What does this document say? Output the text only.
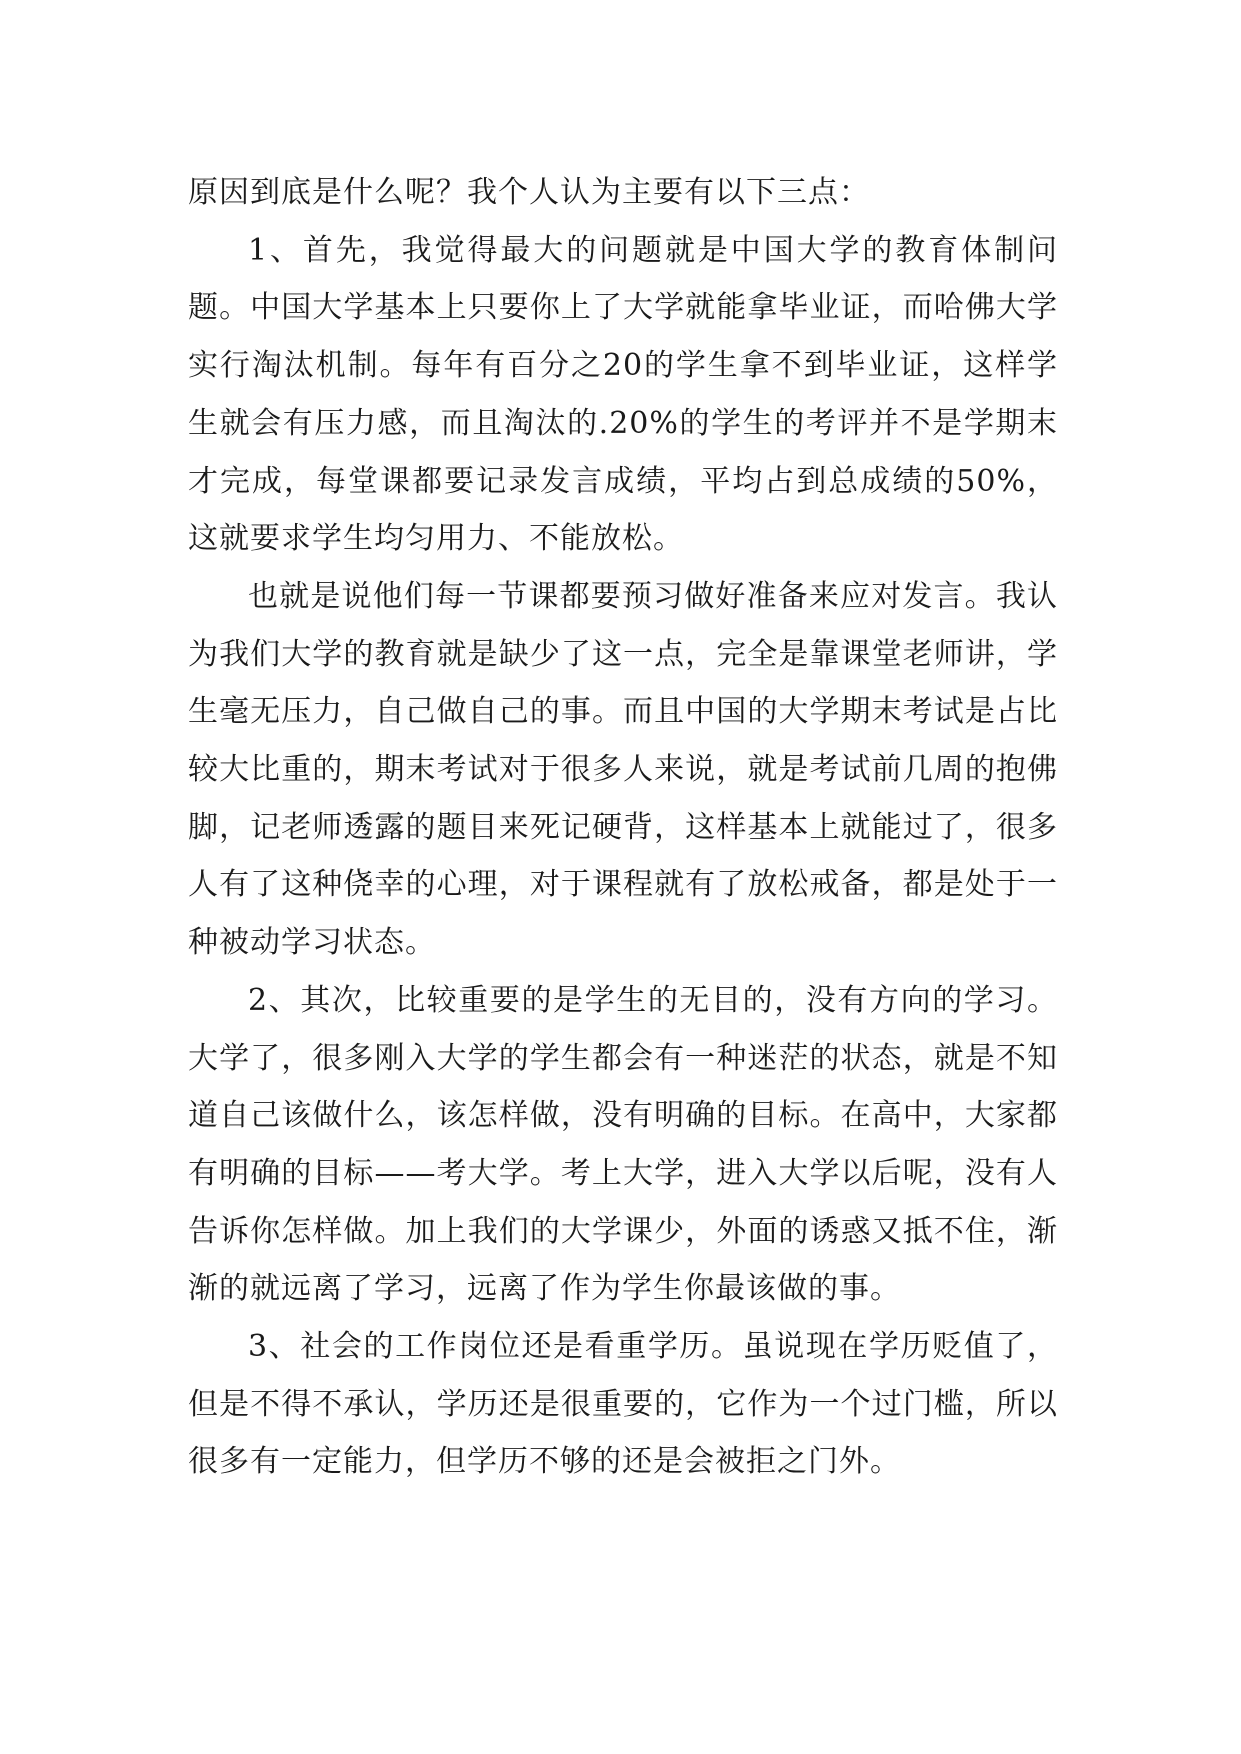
原因到底是什么呢？我个人认为主要有以下三点：

1、首先，我觉得最大的问题就是中国大学的教育体制问题。中国大学基本上只要你上了大学就能拿毕业证，而哈佛大学实行淘汰机制。每年有百分之20的学生拿不到毕业证，这样学生就会有压力感，而且淘汰的.20%的学生的考评并不是学期末才完成，每堂课都要记录发言成绩，平均占到总成绩的50%，这就要求学生均匀用力、不能放松。

也就是说他们每一节课都要预习做好准备来应对发言。我认为我们大学的教育就是缺少了这一点，完全是靠课堂老师讲，学生毫无压力，自己做自己的事。而且中国的大学期末考试是占比较大比重的，期末考试对于很多人来说，就是考试前几周的抱佛脚，记老师透露的题目来死记硬背，这样基本上就能过了，很多人有了这种侥幸的心理，对于课程就有了放松戒备，都是处于一种被动学习状态。

2、其次，比较重要的是学生的无目的，没有方向的学习。大学了，很多刚入大学的学生都会有一种迷茫的状态，就是不知道自己该做什么，该怎样做，没有明确的目标。在高中，大家都有明确的目标——考大学。考上大学，进入大学以后呢，没有人告诉你怎样做。加上我们的大学课少，外面的诱惑又抵不住，渐渐的就远离了学习，远离了作为学生你最该做的事。

3、社会的工作岗位还是看重学历。虽说现在学历贬值了，但是不得不承认，学历还是很重要的，它作为一个过门槛，所以很多有一定能力，但学历不够的还是会被拒之门外。
